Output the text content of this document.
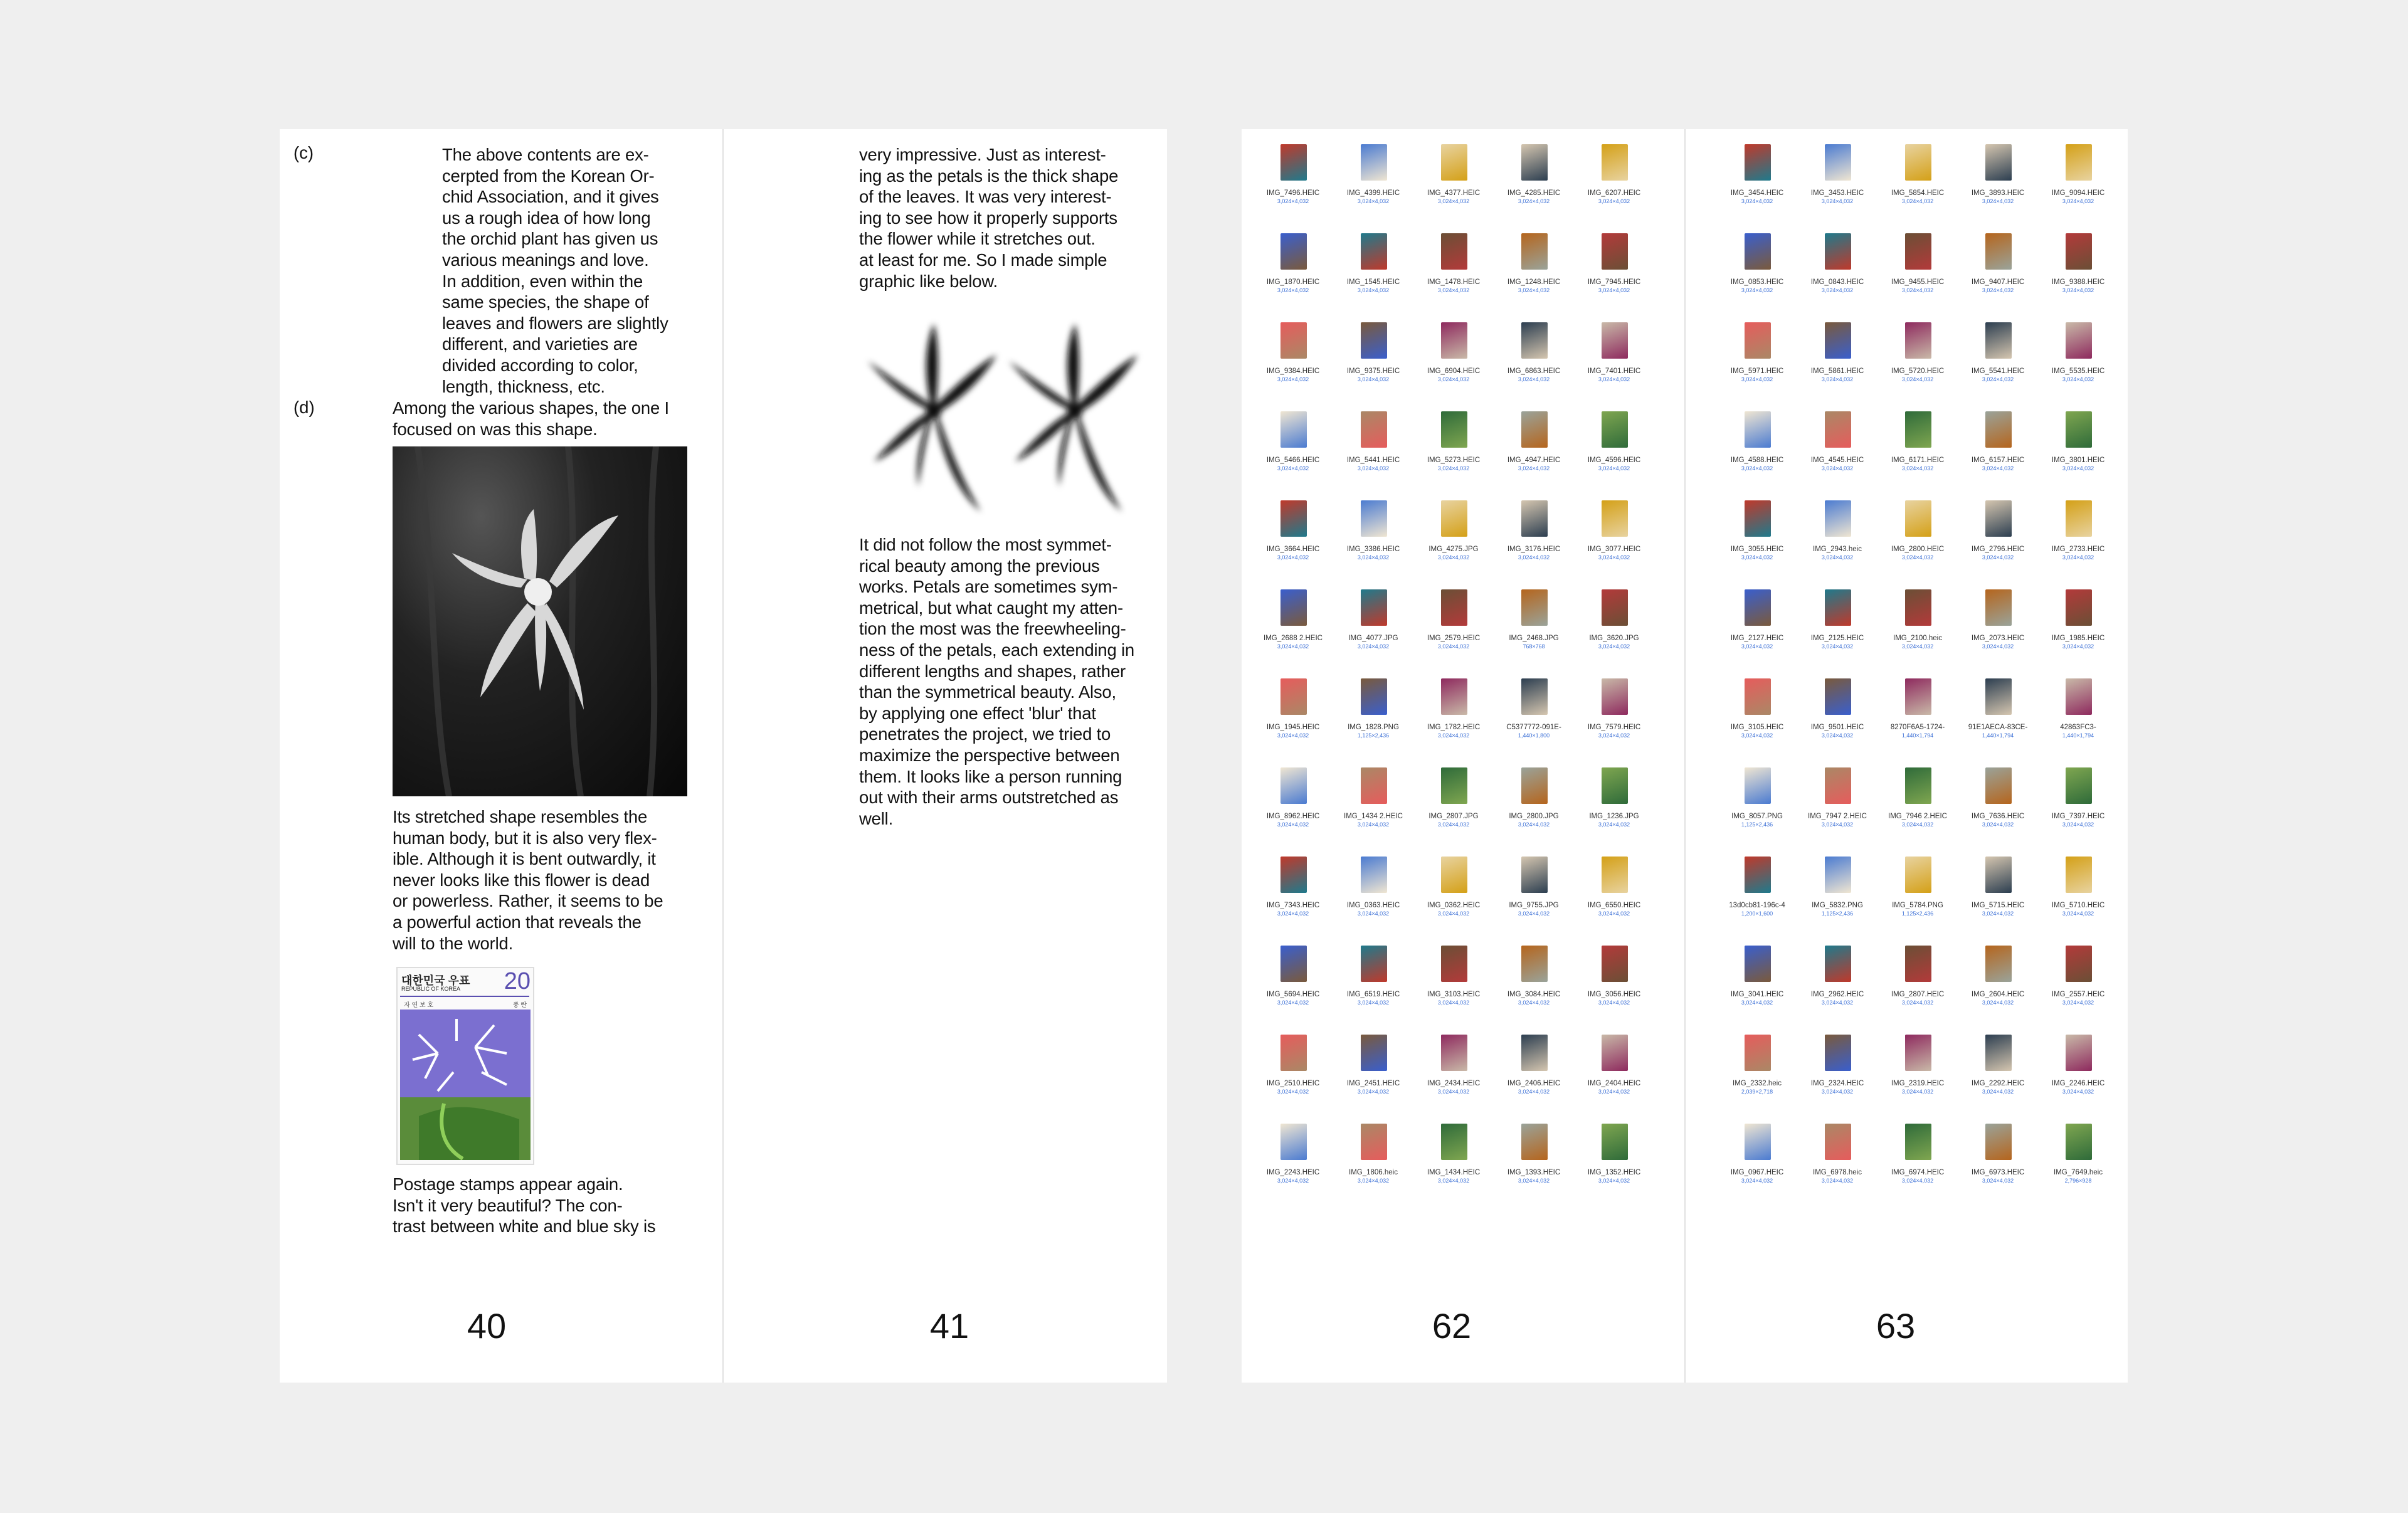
(c)	The above contents are ex-
cerpted from the Korean Or-
chid Association, and it gives
us a rough idea of how long
the orchid plant has given us
various meanings and love.
In addition, even within the
same species, the shape of
leaves and flowers are slightly
different, and varieties are
divided according to color,
length, thickness, etc.
(d)	Among the various shapes, the one I
focused on was this shape.
Its stretched shape resembles the
human body, but it is also very flex-
ible. Although it is bent outwardly, it
never looks like this flower is dead
or powerless. Rather, it seems to be
a powerful action that reveals the
will to the world.
대한민국 우표
REPUBLIC OF KOREA 20
자 연 보 호	풍 란
Postage stamps appear again.
Isn't it very beautiful? The con-
trast between white and blue sky is
40
very impressive. Just as interest-
ing as the petals is the thick shape
of the leaves. It was very interest-
ing to see how it properly supports
the flower while it stretches out.
at least for me. So I made simple
graphic like below.
It did not follow the most symmet-
rical beauty among the previous
works. Petals are sometimes sym-
metrical, but what caught my atten-
tion the most was the freewheeling-
ness of the petals, each extending in
different lengths and shapes, rather
than the symmetrical beauty. Also,
by applying one effect 'blur' that
penetrates the project, we tried to
maximize the perspective between
them. It looks like a person running
out with their arms outstretched as
well.
41
IMG_7496.HEIC
3,024×4,032
IMG_4399.HEIC
3,024×4,032
IMG_4377.HEIC
3,024×4,032
IMG_4285.HEIC
3,024×4,032
IMG_6207.HEIC
3,024×4,032
IMG_1870.HEIC
3,024×4,032
IMG_1545.HEIC
3,024×4,032
IMG_1478.HEIC
3,024×4,032
IMG_1248.HEIC
3,024×4,032
IMG_7945.HEIC
3,024×4,032
IMG_9384.HEIC
3,024×4,032
IMG_9375.HEIC
3,024×4,032
IMG_6904.HEIC
3,024×4,032
IMG_6863.HEIC
3,024×4,032
IMG_7401.HEIC
3,024×4,032
IMG_5466.HEIC
3,024×4,032
IMG_5441.HEIC
3,024×4,032
IMG_5273.HEIC
3,024×4,032
IMG_4947.HEIC
3,024×4,032
IMG_4596.HEIC
3,024×4,032
IMG_3664.HEIC
3,024×4,032
IMG_3386.HEIC
3,024×4,032
IMG_4275.JPG
3,024×4,032
IMG_3176.HEIC
3,024×4,032
IMG_3077.HEIC
3,024×4,032
IMG_2688 2.HEIC
3,024×4,032
IMG_4077.JPG
3,024×4,032
IMG_2579.HEIC
3,024×4,032
IMG_2468.JPG
768×768
IMG_3620.JPG
3,024×4,032
IMG_1945.HEIC
3,024×4,032
IMG_1828.PNG
1,125×2,436
IMG_1782.HEIC
3,024×4,032
C5377772-091E-
1,440×1,800
IMG_7579.HEIC
3,024×4,032
IMG_8962.HEIC
3,024×4,032
IMG_1434 2.HEIC
3,024×4,032
IMG_2807.JPG
3,024×4,032
IMG_2800.JPG
3,024×4,032
IMG_1236.JPG
3,024×4,032
IMG_7343.HEIC
3,024×4,032
IMG_0363.HEIC
3,024×4,032
IMG_0362.HEIC
3,024×4,032
IMG_9755.JPG
3,024×4,032
IMG_6550.HEIC
3,024×4,032
IMG_5694.HEIC
3,024×4,032
IMG_6519.HEIC
3,024×4,032
IMG_3103.HEIC
3,024×4,032
IMG_3084.HEIC
3,024×4,032
IMG_3056.HEIC
3,024×4,032
IMG_2510.HEIC
3,024×4,032
IMG_2451.HEIC
3,024×4,032
IMG_2434.HEIC
3,024×4,032
IMG_2406.HEIC
3,024×4,032
IMG_2404.HEIC
3,024×4,032
IMG_2243.HEIC
3,024×4,032
IMG_1806.heic
3,024×4,032
IMG_1434.HEIC
3,024×4,032
IMG_1393.HEIC
3,024×4,032
IMG_1352.HEIC
3,024×4,032
62
IMG_3454.HEIC
3,024×4,032
IMG_3453.HEIC
3,024×4,032
IMG_5854.HEIC
3,024×4,032
IMG_3893.HEIC
3,024×4,032
IMG_9094.HEIC
3,024×4,032
IMG_0853.HEIC
3,024×4,032
IMG_0843.HEIC
3,024×4,032
IMG_9455.HEIC
3,024×4,032
IMG_9407.HEIC
3,024×4,032
IMG_9388.HEIC
3,024×4,032
IMG_5971.HEIC
3,024×4,032
IMG_5861.HEIC
3,024×4,032
IMG_5720.HEIC
3,024×4,032
IMG_5541.HEIC
3,024×4,032
IMG_5535.HEIC
3,024×4,032
IMG_4588.HEIC
3,024×4,032
IMG_4545.HEIC
3,024×4,032
IMG_6171.HEIC
3,024×4,032
IMG_6157.HEIC
3,024×4,032
IMG_3801.HEIC
3,024×4,032
IMG_3055.HEIC
3,024×4,032
IMG_2943.heic
3,024×4,032
IMG_2800.HEIC
3,024×4,032
IMG_2796.HEIC
3,024×4,032
IMG_2733.HEIC
3,024×4,032
IMG_2127.HEIC
3,024×4,032
IMG_2125.HEIC
3,024×4,032
IMG_2100.heic
3,024×4,032
IMG_2073.HEIC
3,024×4,032
IMG_1985.HEIC
3,024×4,032
IMG_3105.HEIC
3,024×4,032
IMG_9501.HEIC
3,024×4,032
8270F6A5-1724-
1,440×1,794
91E1AECA-83CE-
1,440×1,794
42863FC3-
1,440×1,794
IMG_8057.PNG
1,125×2,436
IMG_7947 2.HEIC
3,024×4,032
IMG_7946 2.HEIC
3,024×4,032
IMG_7636.HEIC
3,024×4,032
IMG_7397.HEIC
3,024×4,032
13d0cb81-196c-4
1,200×1,600
IMG_5832.PNG
1,125×2,436
IMG_5784.PNG
1,125×2,436
IMG_5715.HEIC
3,024×4,032
IMG_5710.HEIC
3,024×4,032
IMG_3041.HEIC
3,024×4,032
IMG_2962.HEIC
3,024×4,032
IMG_2807.HEIC
3,024×4,032
IMG_2604.HEIC
3,024×4,032
IMG_2557.HEIC
3,024×4,032
IMG_2332.heic
2,039×2,718
IMG_2324.HEIC
3,024×4,032
IMG_2319.HEIC
3,024×4,032
IMG_2292.HEIC
3,024×4,032
IMG_2246.HEIC
3,024×4,032
IMG_0967.HEIC
3,024×4,032
IMG_6978.heic
3,024×4,032
IMG_6974.HEIC
3,024×4,032
IMG_6973.HEIC
3,024×4,032
IMG_7649.heic
2,796×928
63
